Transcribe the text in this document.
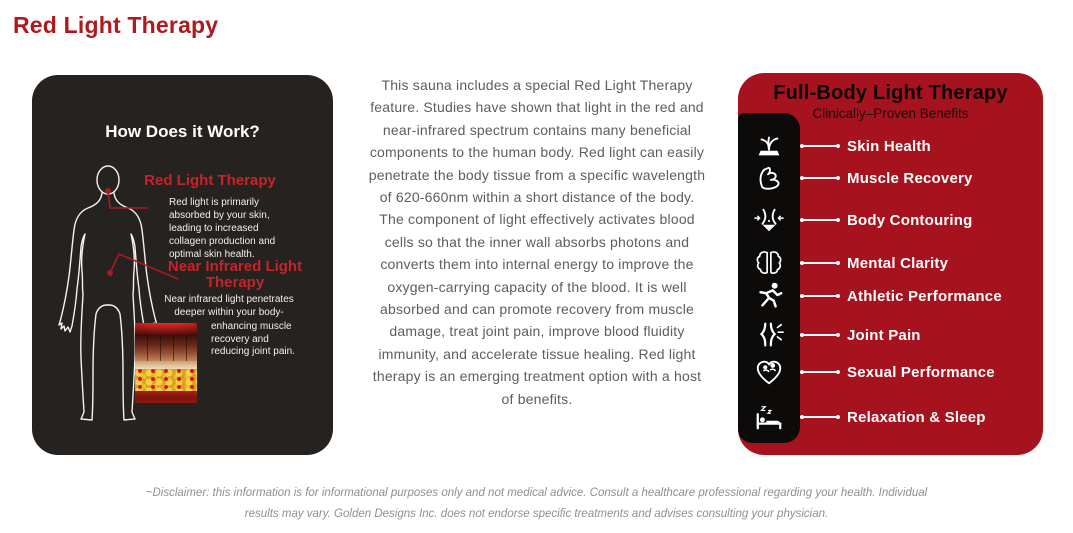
Red Light Therapy
How Does it Work?
Red Light Therapy

Red light is primarily absorbed by your skin, leading to increased collagen production and optimal skin health.

Near Infrared Light Therapy

Near infrared light penetrates deeper within your body-

enhancing muscle recovery and reducing joint pain.

This sauna includes a special Red Light Therapy feature. Studies have shown that light in the red and near-infrared spectrum contains many beneficial components to the human body. Red light can easily penetrate the body tissue from a specific wavelength of 620-660nm within a short distance of the body. The component of light effectively activates blood cells so that the inner wall absorbs photons and converts them into internal energy to improve the oxygen-carrying capacity of the blood. It is well absorbed and can promote recovery from muscle damage, treat joint pain, improve blood fluidity immunity, and accelerate tissue healing. Red light therapy is an emerging treatment option with a host of benefits.

Full-Body Light Therapy
Clinically–Proven Benefits
Skin Health
Muscle Recovery
Body Contouring
Mental Clarity
Athletic Performance
Joint Pain
Sexual Performance
Relaxation & Sleep
~Disclaimer: this information is for informational purposes only and not medical advice. Consult a healthcare professional regarding your health. Individual
results may vary. Golden Designs Inc. does not endorse specific treatments and advises consulting your physician.
